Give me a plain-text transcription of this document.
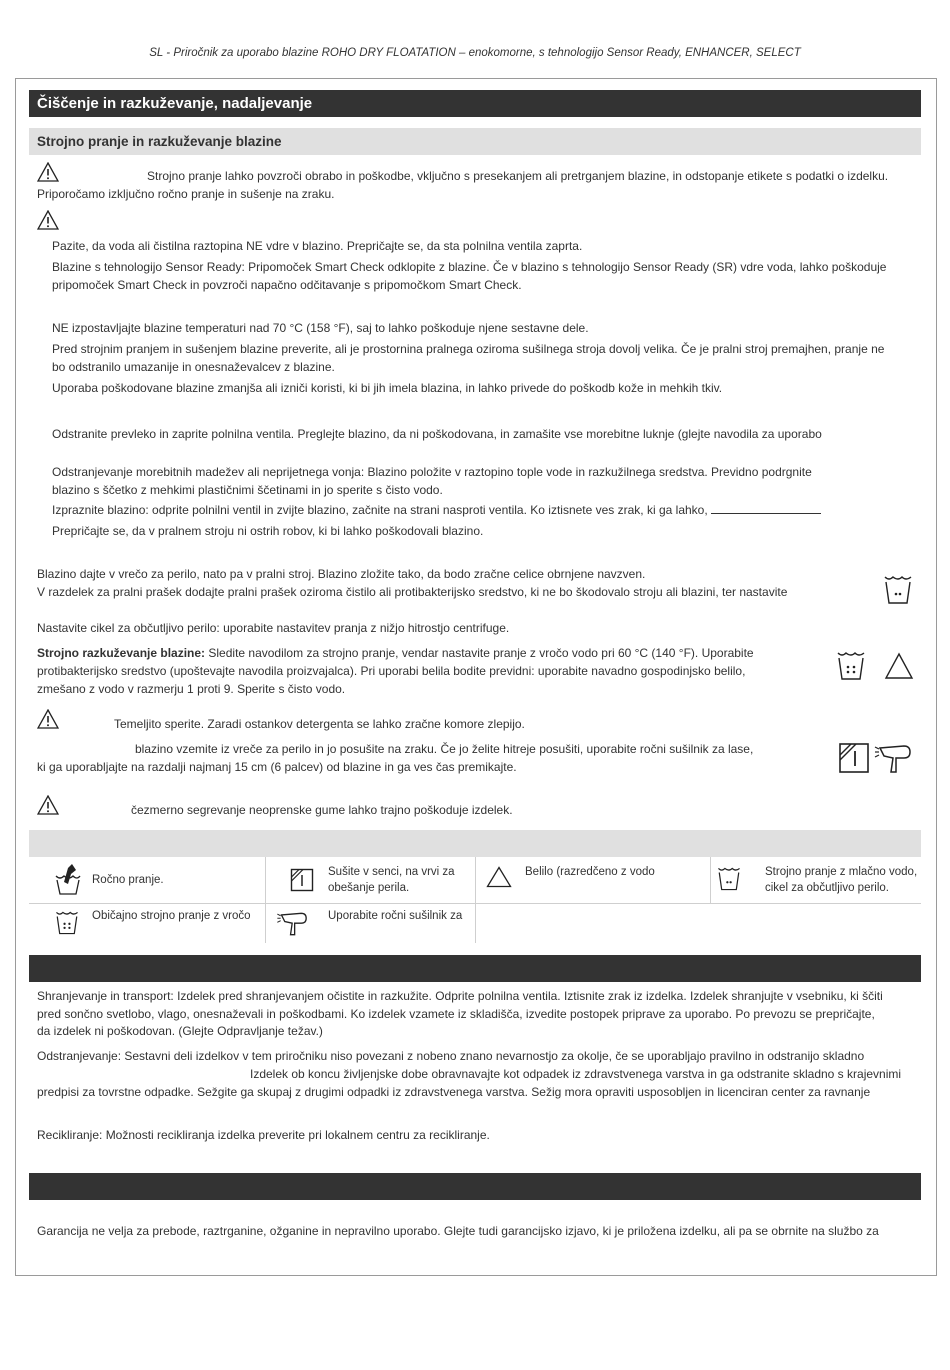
SL - Priročnik za uporabo blazine ROHO DRY FLOATATION – enokomorne, s tehnologijo Sensor Ready, ENHANCER, SELECT
Čiščenje in razkuževanje, nadaljevanje
Strojno pranje in razkuževanje blazine
Strojno pranje lahko povzroči obrabo in poškodbe, vključno s presekanjem ali pretrganjem blazine, in odstopanje etikete s podatki o izdelku.
Priporočamo izključno ročno pranje in sušenje na zraku.
Pazite, da voda ali čistilna raztopina NE vdre v blazino. Prepričajte se, da sta polnilna ventila zaprta.
Blazine s tehnologijo Sensor Ready: Pripomoček Smart Check odklopite z blazine. Če v blazino s tehnologijo Sensor Ready (SR) vdre voda, lahko poškoduje
pripomoček Smart Check in povzroči napačno odčitavanje s pripomočkom Smart Check.
NE izpostavljajte blazine temperaturi nad 70 °C (158 °F), saj to lahko poškoduje njene sestavne dele.
Pred strojnim pranjem in sušenjem blazine preverite, ali je prostornina pralnega oziroma sušilnega stroja dovolj velika. Če je pralni stroj premajhen, pranje ne
bo odstranilo umazanije in onesnaževalcev z blazine.
Uporaba poškodovane blazine zmanjša ali izniči koristi, ki bi jih imela blazina, in lahko privede do poškodb kože in mehkih tkiv.
Odstranite prevleko in zaprite polnilna ventila. Preglejte blazino, da ni poškodovana, in zamašite vse morebitne luknje (glejte navodila za uporabo
Odstranjevanje morebitnih madežev ali neprijetnega vonja: Blazino položite v raztopino tople vode in razkužilnega sredstva. Previdno podrgnite
blazino s ščetko z mehkimi plastičnimi ščetinami in jo sperite s čisto vodo.
Izpraznite blazino: odprite polnilni ventil in zvijte blazino, začnite na strani nasproti ventila. Ko iztisnete ves zrak, ki ga lahko,
Prepričajte se, da v pralnem stroju ni ostrih robov, ki bi lahko poškodovali blazino.
Blazino dajte v vrečo za perilo, nato pa v pralni stroj. Blazino zložite tako, da bodo zračne celice obrnjene navzven.
V razdelek za pralni prašek dodajte pralni prašek oziroma čistilo ali protibakterijsko sredstvo, ki ne bo škodovalo stroju ali blazini, ter nastavite
Nastavite cikel za občutljivo perilo: uporabite nastavitev pranja z nižjo hitrostjo centrifuge.
Strojno razkuževanje blazine: Sledite navodilom za strojno pranje, vendar nastavite pranje z vročo vodo pri 60 °C (140 °F). Uporabite
protibakterijsko sredstvo (upoštevajte navodila proizvajalca). Pri uporabi belila bodite previdni: uporabite navadno gospodinjsko belilo,
zmešano z vodo v razmerju 1 proti 9. Sperite s čisto vodo.
Temeljito sperite. Zaradi ostankov detergenta se lahko zračne komore zlepijo.
blazino vzemite iz vreče za perilo in jo posušite na zraku. Če jo želite hitreje posušiti, uporabite ročni sušilnik za lase,
ki ga uporabljajte na razdalji najmanj 15 cm (6 palcev) od blazine in ga ves čas premikajte.
čezmerno segrevanje neoprenske gume lahko trajno poškoduje izdelek.
Ročno pranje.
Sušite v senci, na vrvi za
obešanje perila.
Belilo (razredčeno z vodo	Strojno pranje z mlačno vodo,
cikel za občutljivo perilo.
Običajno strojno pranje z vročo	Uporabite ročni sušilnik za
Shranjevanje in transport: Izdelek pred shranjevanjem očistite in razkužite. Odprite polnilna ventila. Iztisnite zrak iz izdelka. Izdelek shranjujte v vsebniku, ki ščiti
pred sončno svetlobo, vlago, onesnaževali in poškodbami. Ko izdelek vzamete iz skladišča, izvedite postopek priprave za uporabo. Po prevozu se prepričajte,
da izdelek ni poškodovan. (Glejte Odpravljanje težav.)
Odstranjevanje: Sestavni deli izdelkov v tem priročniku niso povezani z nobeno znano nevarnostjo za okolje, če se uporabljajo pravilno in odstranijo skladno
Izdelek ob koncu življenjske dobe obravnavajte kot odpadek iz zdravstvenega varstva in ga odstranite skladno s krajevnimi
predpisi za tovrstne odpadke. Sežgite ga skupaj z drugimi odpadki iz zdravstvenega varstva. Sežig mora opraviti usposobljen in licenciran center za ravnanje
Recikliranje: Možnosti recikliranja izdelka preverite pri lokalnem centru za recikliranje.
Garancija ne velja za prebode, raztrganine, ožganine in nepravilno uporabo. Glejte tudi garancijsko izjavo, ki je priložena izdelku, ali pa se obrnite na službo za
